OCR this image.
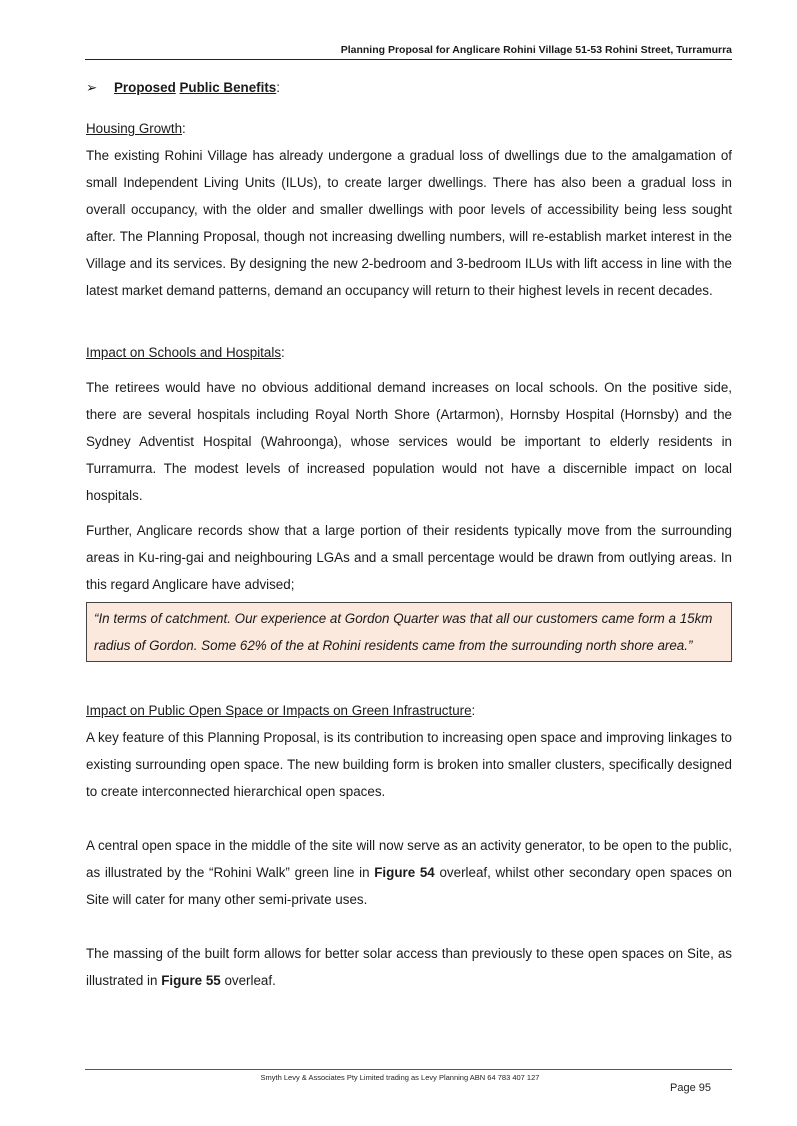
Planning Proposal for Anglicare Rohini Village 51-53 Rohini Street, Turramurra

➢ Proposed Public Benefits:

Housing Growth:

The existing Rohini Village has already undergone a gradual loss of dwellings due to the amalgamation of small Independent Living Units (ILUs), to create larger dwellings. There has also been a gradual loss in overall occupancy, with the older and smaller dwellings with poor levels of accessibility being less sought after. The Planning Proposal, though not increasing dwelling numbers, will re-establish market interest in the Village and its services. By designing the new 2-bedroom and 3-bedroom ILUs with lift access in line with the latest market demand patterns, demand an occupancy will return to their highest levels in recent decades.

Impact on Schools and Hospitals:

The retirees would have no obvious additional demand increases on local schools. On the positive side, there are several hospitals including Royal North Shore (Artarmon), Hornsby Hospital (Hornsby) and the Sydney Adventist Hospital (Wahroonga), whose services would be important to elderly residents in Turramurra. The modest levels of increased population would not have a discernible impact on local hospitals.

Further, Anglicare records show that a large portion of their residents typically move from the surrounding areas in Ku-ring-gai and neighbouring LGAs and a small percentage would be drawn from outlying areas. In this regard Anglicare have advised;

“In terms of catchment. Our experience at Gordon Quarter was that all our customers came form a 15km radius of Gordon. Some 62% of the at Rohini residents came from the surrounding north shore area.”

Impact on Public Open Space or Impacts on Green Infrastructure:

A key feature of this Planning Proposal, is its contribution to increasing open space and improving linkages to existing surrounding open space. The new building form is broken into smaller clusters, specifically designed to create interconnected hierarchical open spaces.

A central open space in the middle of the site will now serve as an activity generator, to be open to the public, as illustrated by the “Rohini Walk” green line in Figure 54 overleaf, whilst other secondary open spaces on Site will cater for many other semi-private uses.

The massing of the built form allows for better solar access than previously to these open spaces on Site, as illustrated in Figure 55 overleaf.

Smyth Levy & Associates Pty Limited trading as Levy Planning ABN 64 783 407 127
Page 95
